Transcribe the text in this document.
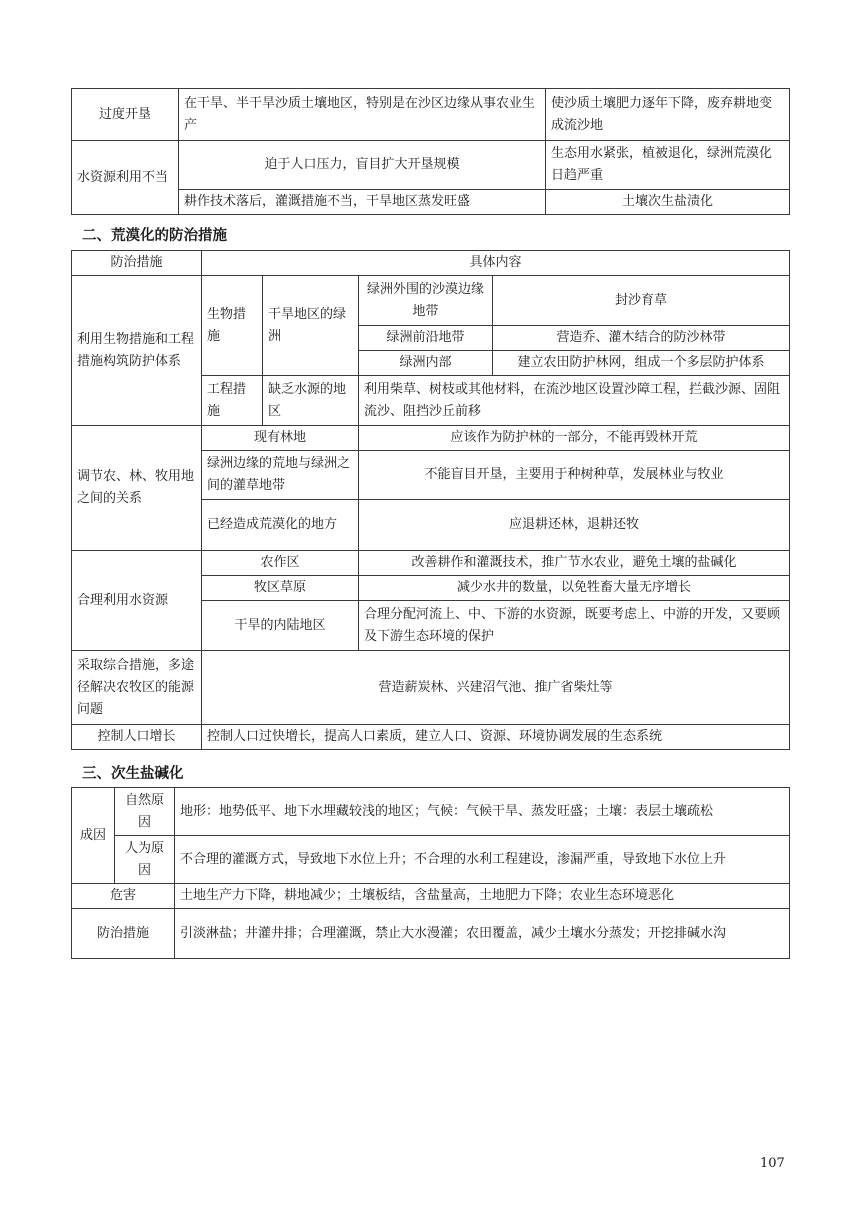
过度开垦	在干旱、半干旱沙质土壤地区，特别是在沙区边缘从事农业生产	使沙质土壤肥力逐年下降，废弃耕地变成流沙地
水资源利用不当	迫于人口压力，盲目扩大开垦规模	生态用水紧张，植被退化，绿洲荒漠化日趋严重
	耕作技术落后，灌溉措施不当，干旱地区蒸发旺盛	土壤次生盐渍化
二、荒漠化的防治措施
防治措施	具体内容			
利用生物措施和工程措施构筑防护体系	生物措施	干旱地区的绿洲	绿洲外围的沙漠边缘地带	封沙育草
			绿洲前沿地带	营造乔、灌木结合的防沙林带
			绿洲内部	建立农田防护林网，组成一个多层防护体系
	工程措施	缺乏水源的地区	利用柴草、树枝或其他材料，在流沙地区设置沙障工程，拦截沙源、固阻流沙、阻挡沙丘前移	
调节农、林、牧用地之间的关系	现有林地		应该作为防护林的一部分，不能再毁林开荒	
	绿洲边缘的荒地与绿洲之间的灌草地带		不能盲目开垦，主要用于种树种草，发展林业与牧业	
	已经造成荒漠化的地方		应退耕还林，退耕还牧	
合理利用水资源	农作区		改善耕作和灌溉技术，推广节水农业，避免土壤的盐碱化	
	牧区草原		减少水井的数量，以免牲畜大量无序增长	
	干旱的内陆地区		合理分配河流上、中、下游的水资源，既要考虑上、中游的开发，又要顾及下游生态环境的保护	
采取综合措施，多途径解决农牧区的能源问题	营造薪炭林、兴建沼气池、推广省柴灶等			
控制人口增长	控制人口过快增长，提高人口素质，建立人口、资源、环境协调发展的生态系统			
三、次生盐碱化
成因	自然原因	地形：地势低平、地下水埋藏较浅的地区；气候：气候干旱、蒸发旺盛；土壤：表层土壤疏松
	人为原因	不合理的灌溉方式，导致地下水位上升；不合理的水利工程建设，渗漏严重，导致地下水位上升
危害		土地生产力下降，耕地减少；土壤板结，含盐量高，土地肥力下降；农业生态环境恶化
防治措施		引淡淋盐；井灌井排；合理灌溉，禁止大水漫灌；农田覆盖，减少土壤水分蒸发；开挖排碱水沟
107
